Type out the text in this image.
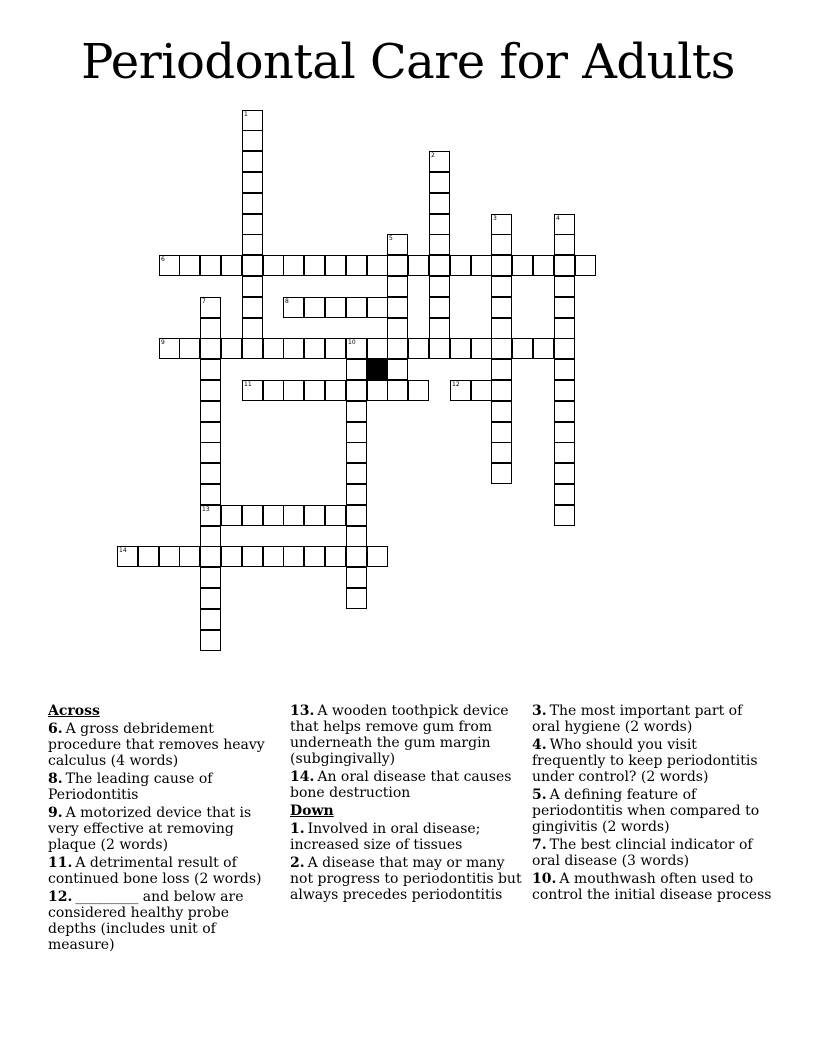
Periodontal Care for Adults
6
8
9	10
11	12
13
14
1
2
3	4
5
7
Across
6. A gross debridement procedure that removes heavy calculus (4 words)
8. The leading cause of Periodontitis
9. A motorized device that is very effective at removing plaque (2 words)
11. A detrimental result of continued bone loss (2 words)
12. _________ and below are considered healthy probe depths (includes unit of measure)
13. A wooden toothpick device that helps remove gum from underneath the gum margin (subgingivally)
14. An oral disease that causes bone destruction
Down
1. Involved in oral disease; increased size of tissues
2. A disease that may or many not progress to periodontitis but always precedes periodontitis
3. The most important part of oral hygiene (2 words)
4. Who should you visit frequently to keep periodontitis under control? (2 words)
5. A defining feature of periodontitis when compared to gingivitis (2 words)
7. The best clincial indicator of oral disease (3 words)
10. A mouthwash often used to control the initial disease process
